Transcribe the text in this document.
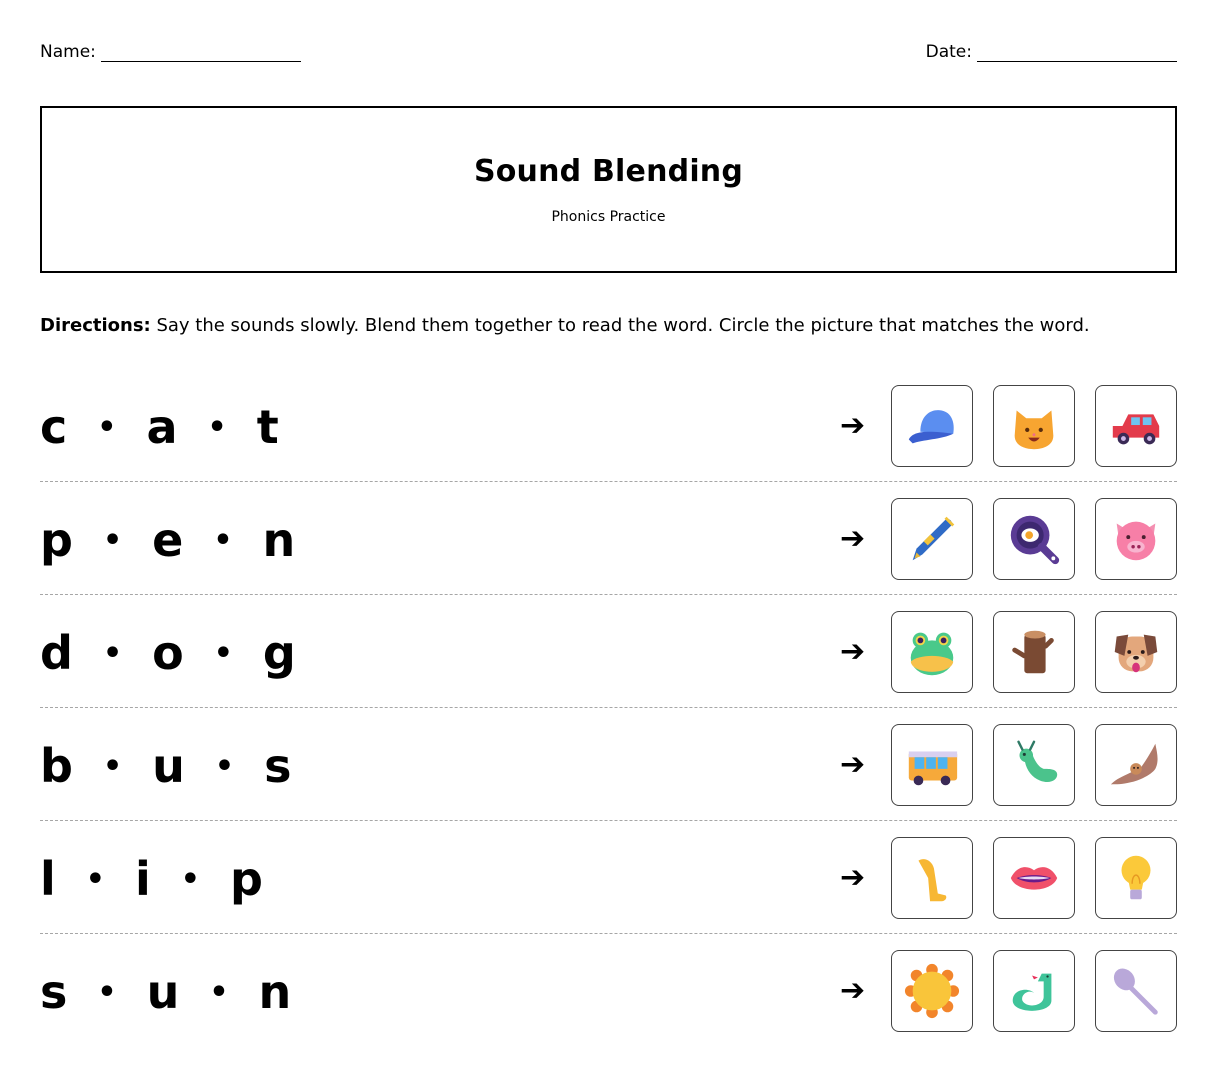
Name:	Date:
Sound Blending
Phonics Practice
Directions: Say the sounds slowly. Blend them together to read the word. Circle the picture that matches the word.
c • a • t	➔
p • e • n	➔
d • o • g	➔
b • u • s	➔
l • i • p	➔
s • u • n	➔
